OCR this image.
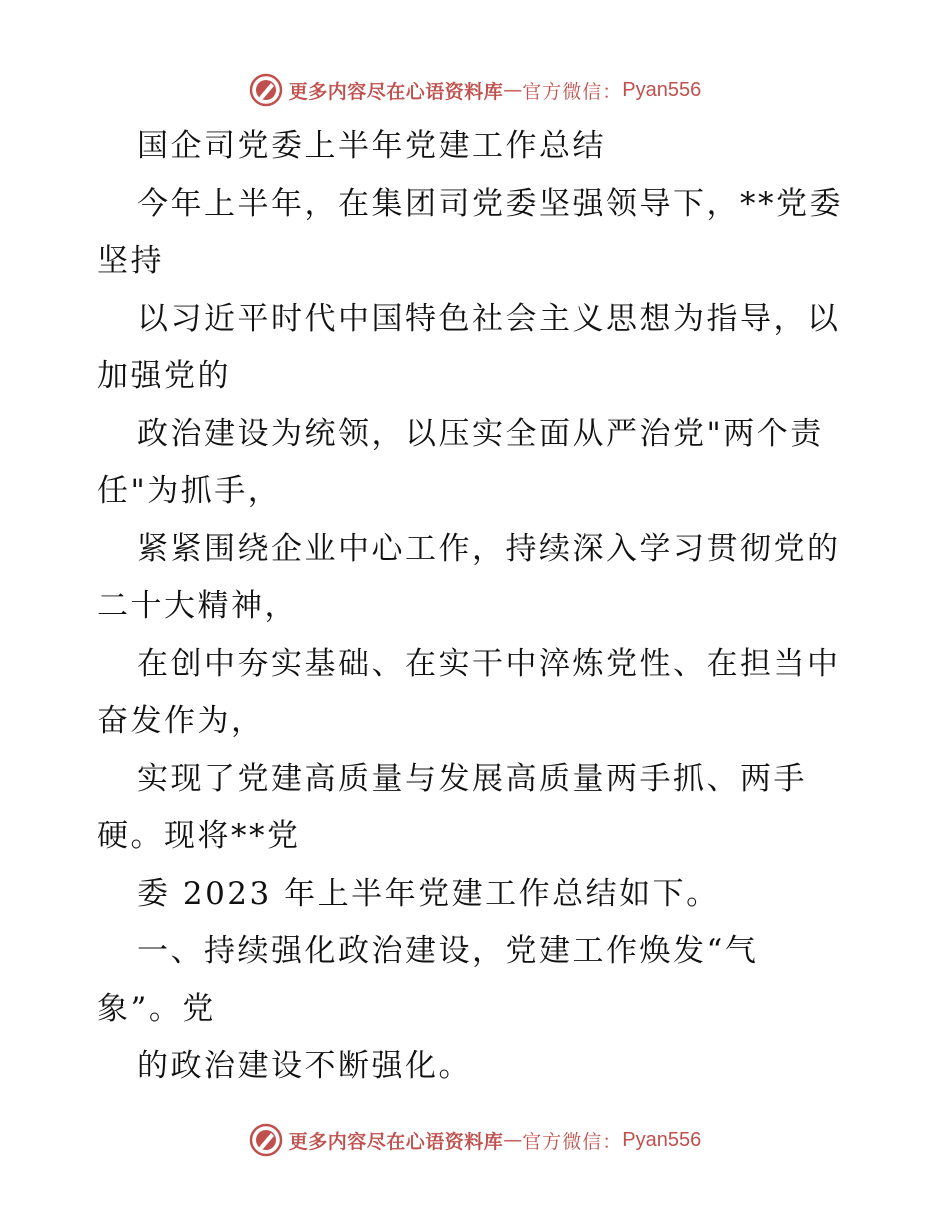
更多内容尽在心语资料库 — 官方微信： Pyan556
国企司党委上半年党建工作总结
今年上半年，在集团司党委坚强领导下，**党委
坚持
以习近平时代中国特色社会主义思想为指导，以
加强党的
政治建设为统领，以压实全面从严治党"两个责
任"为抓手，
紧紧围绕企业中心工作，持续深入学习贯彻党的
二十大精神，
在创中夯实基础、在实干中淬炼党性、在担当中
奋发作为，
实现了党建高质量与发展高质量两手抓、两手
硬。现将**党
委 2023 年上半年党建工作总结如下。
一、持续强化政治建设，党建工作焕发“气
象”。党
的政治建设不断强化。
更多内容尽在心语资料库 — 官方微信： Pyan556
